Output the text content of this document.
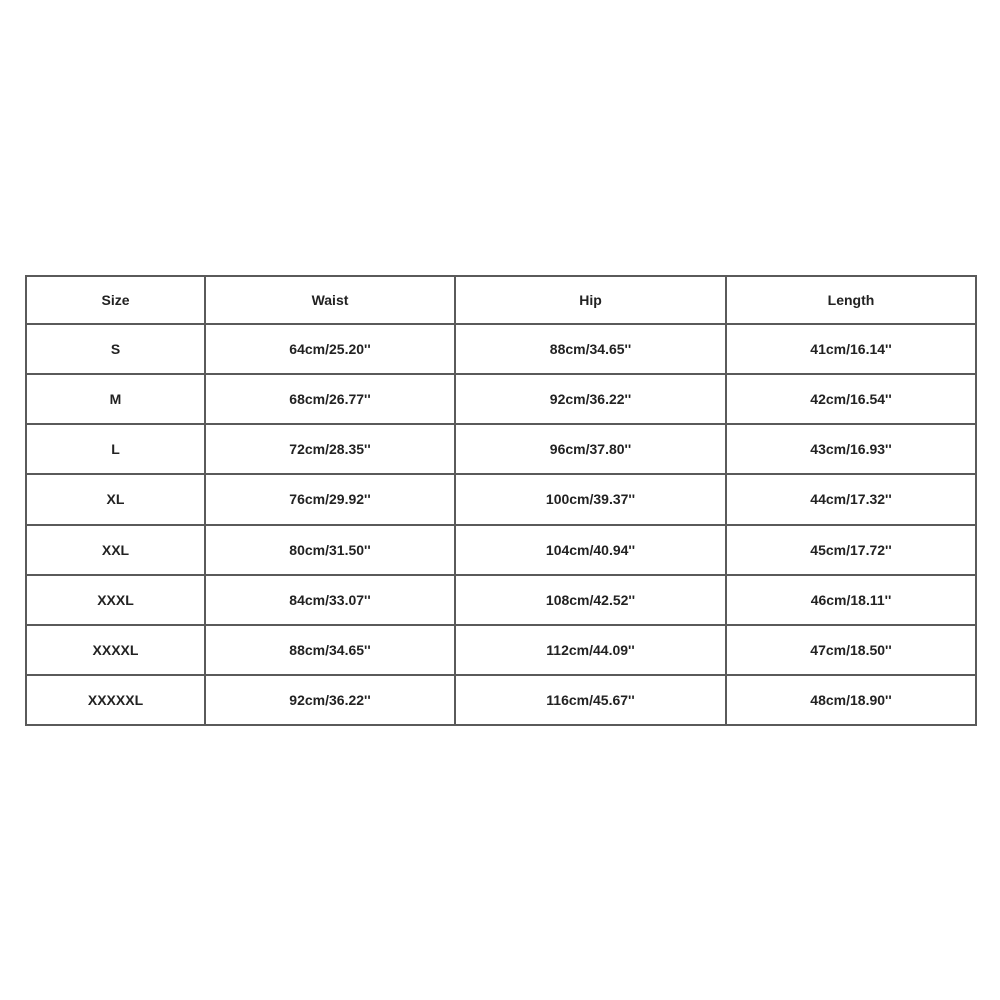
Size	Waist	Hip	Length
S	64cm/25.20''	88cm/34.65''	41cm/16.14''
M	68cm/26.77''	92cm/36.22''	42cm/16.54''
L	72cm/28.35''	96cm/37.80''	43cm/16.93''
XL	76cm/29.92''	100cm/39.37''	44cm/17.32''
XXL	80cm/31.50''	104cm/40.94''	45cm/17.72''
XXXL	84cm/33.07''	108cm/42.52''	46cm/18.11''
XXXXL	88cm/34.65''	112cm/44.09''	47cm/18.50''
XXXXXL	92cm/36.22''	116cm/45.67''	48cm/18.90''
